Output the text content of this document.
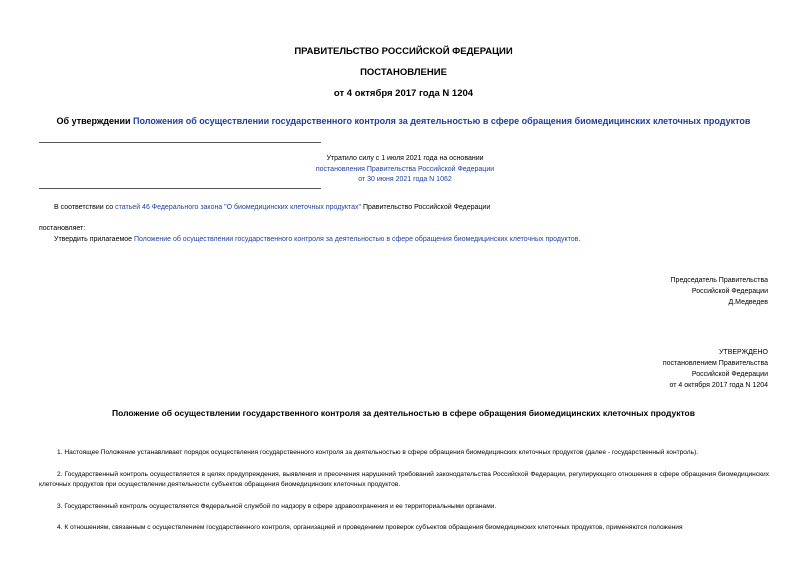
ПРАВИТЕЛЬСТВО РОССИЙСКОЙ ФЕДЕРАЦИИ
ПОСТАНОВЛЕНИЕ
от 4 октября 2017 года N 1204
Об утверждении Положения об осуществлении государственного контроля за деятельностью в сфере обращения биомедицинских клеточных продуктов
Утратило силу с 1 июля 2021 года на основании
постановления Правительства Российской Федерации
от 30 июня 2021 года N 1062
В соответствии со статьей 46 Федерального закона "О биомедицинских клеточных продуктах" Правительство Российской Федерации
постановляет:
Утвердить прилагаемое Положение об осуществлении государственного контроля за деятельностью в сфере обращения биомедицинских клеточных продуктов.
Председатель Правительства
Российской Федерации
Д.Медведев
УТВЕРЖДЕНО
постановлением Правительства
Российской Федерации
от 4 октября 2017 года N 1204
Положение об осуществлении государственного контроля за деятельностью в сфере обращения биомедицинских клеточных продуктов
1. Настоящее Положение устанавливает порядок осуществления государственного контроля за деятельностью в сфере обращения биомедицинских клеточных продуктов (далее - государственный контроль).
2. Государственный контроль осуществляется в целях предупреждения, выявления и пресечения нарушений требований законодательства Российской Федерации, регулирующего отношения в сфере обращения биомедицинских клеточных продуктов при осуществлении деятельности субъектов обращения биомедицинских клеточных продуктов.
3. Государственный контроль осуществляется Федеральной службой по надзору в сфере здравоохранения и ее территориальными органами.
4. К отношениям, связанным с осуществлением государственного контроля, организацией и проведением проверок субъектов обращения биомедицинских клеточных продуктов, применяются положения
